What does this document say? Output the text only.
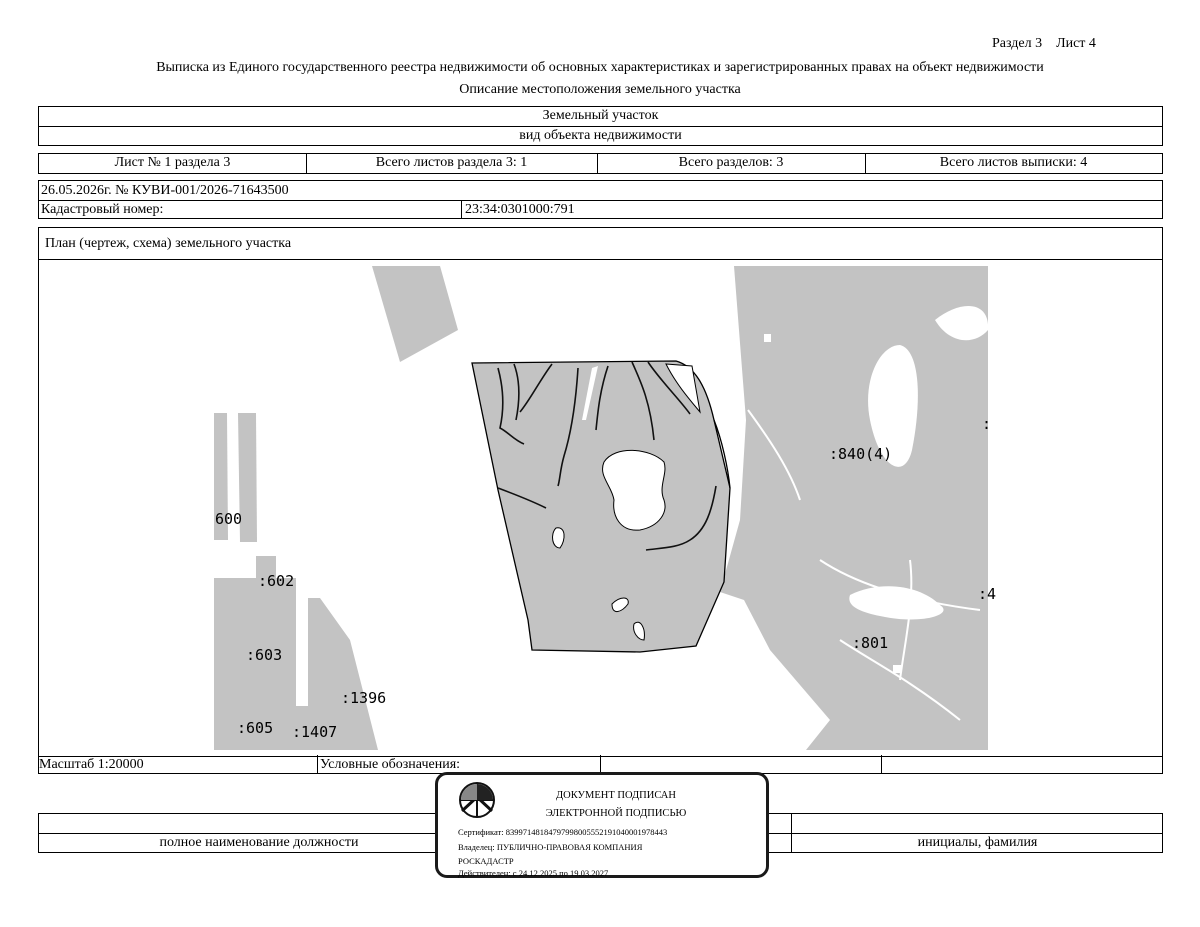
Раздел 3    Лист 4
Выписка из Единого государственного реестра недвижимости об основных характеристиках и зарегистрированных правах на объект недвижимости
Описание местоположения земельного участка
Земельный участок
вид объекта недвижимости
Лист № 1 раздела 3	Всего листов раздела 3: 1	Всего разделов: 3	Всего листов выписки: 4
26.05.2026г. № КУВИ-001/2026-71643500
Кадастровый номер:	23:34:0301000:791
План (чертеж, схема) земельного участка
600
:602
:603
:1396
:605 :1407
:840(4)
:801
:
:4
Масштаб 1:20000	Условные обозначения:
полное наименование должности	инициалы, фамилия
ДОКУМЕНТ ПОДПИСАН
ЭЛЕКТРОННОЙ ПОДПИСЬЮ
Сертификат: 839971481847979980055521910400019784​43
Владелец: ПУБЛИЧНО-ПРАВОВАЯ КОМПАНИЯ
РОСКАДАСТР
Действителен: с 24.12.2025 по 19.03.2027
